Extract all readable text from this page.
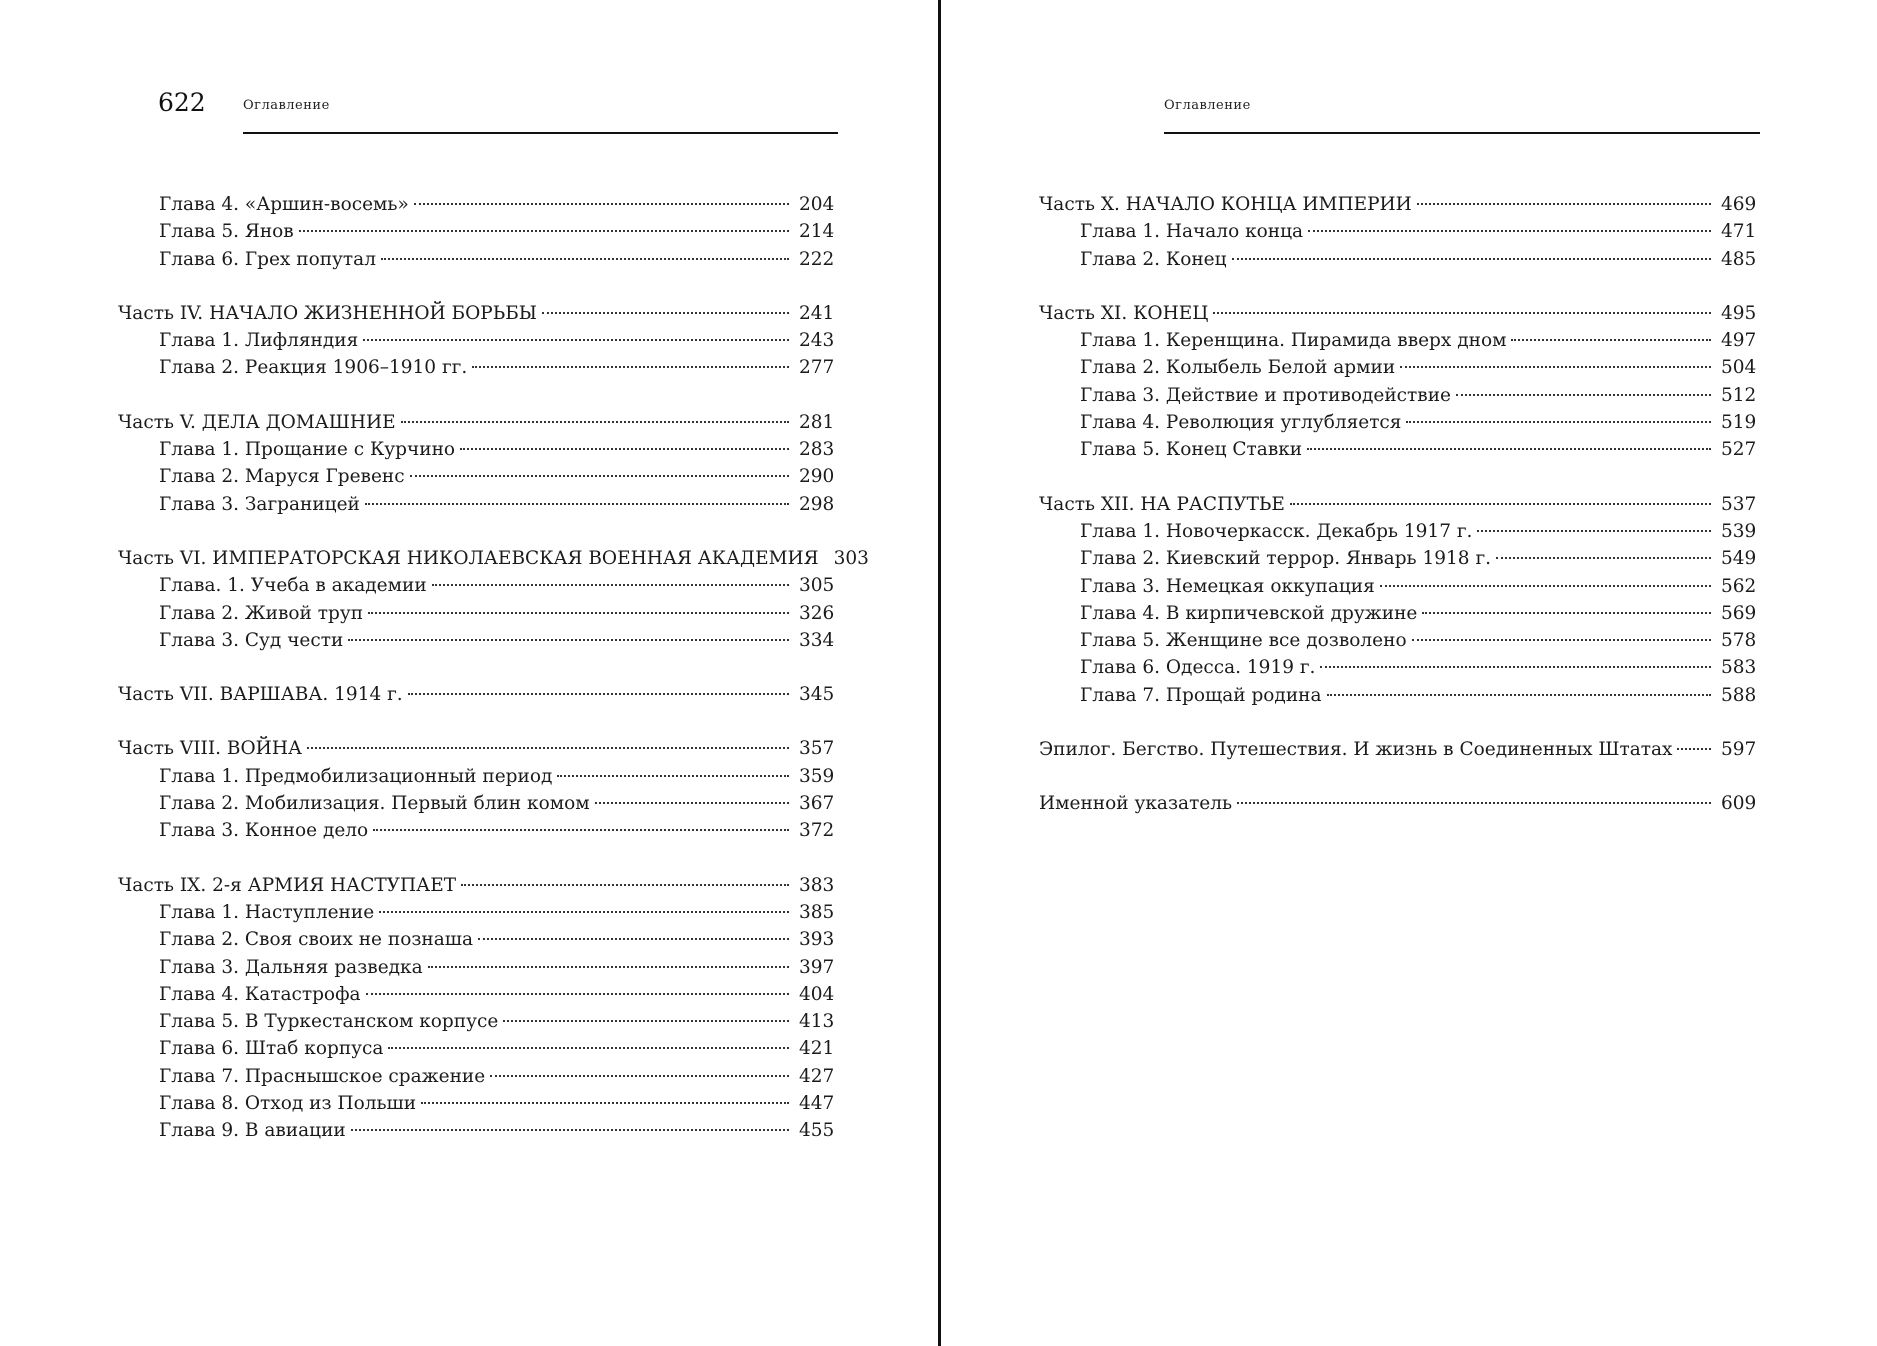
622	Оглавление
Глава 4. «Аршин-восемь»	204
Глава 5. Янов	214
Глава 6. Грех попутал	222
Часть IV. НАЧАЛО ЖИЗНЕННОЙ БОРЬБЫ	241
Глава 1. Лифляндия	243
Глава 2. Реакция 1906–1910 гг.	277
Часть V. ДЕЛА ДОМАШНИЕ	281
Глава 1. Прощание с Курчино	283
Глава 2. Маруся Гревенс	290
Глава 3. Заграницей	298
Часть VI. ИМПЕРАТОРСКАЯ НИКОЛАЕВСКАЯ ВОЕННАЯ АКАДЕМИЯ 303
Глава. 1. Учеба в академии	305
Глава 2. Живой труп	326
Глава 3. Суд чести	334
Часть VII. ВАРШАВА. 1914 г.	345
Часть VIII. ВОЙНА	357
Глава 1. Предмобилизационный период	359
Глава 2. Мобилизация. Первый блин комом	367
Глава 3. Конное дело	372
Часть IX. 2-я АРМИЯ НАСТУПАЕТ	383
Глава 1. Наступление	385
Глава 2. Своя своих не познаша	393
Глава 3. Дальняя разведка	397
Глава 4. Катастрофа	404
Глава 5. В Туркестанском корпусе	413
Глава 6. Штаб корпуса	421
Глава 7. Праснышское сражение	427
Глава 8. Отход из Польши	447
Глава 9. В авиации	455
Оглавление
Часть X. НАЧАЛО КОНЦА ИМПЕРИИ	469
Глава 1. Начало конца	471
Глава 2. Конец	485
Часть XI. КОНЕЦ	495
Глава 1. Керенщина. Пирамида вверх дном	497
Глава 2. Колыбель Белой армии	504
Глава 3. Действие и противодействие	512
Глава 4. Революция углубляется	519
Глава 5. Конец Ставки	527
Часть XII. НА РАСПУТЬЕ	537
Глава 1. Новочеркасск. Декабрь 1917 г.	539
Глава 2. Киевский террор. Январь 1918 г.	549
Глава 3. Немецкая оккупация	562
Глава 4. В кирпичевской дружине	569
Глава 5. Женщине все дозволено	578
Глава 6. Одесса. 1919 г.	583
Глава 7. Прощай родина	588
Эпилог. Бегство. Путешествия. И жизнь в Соединенных Штатах	597
Именной указатель	609
